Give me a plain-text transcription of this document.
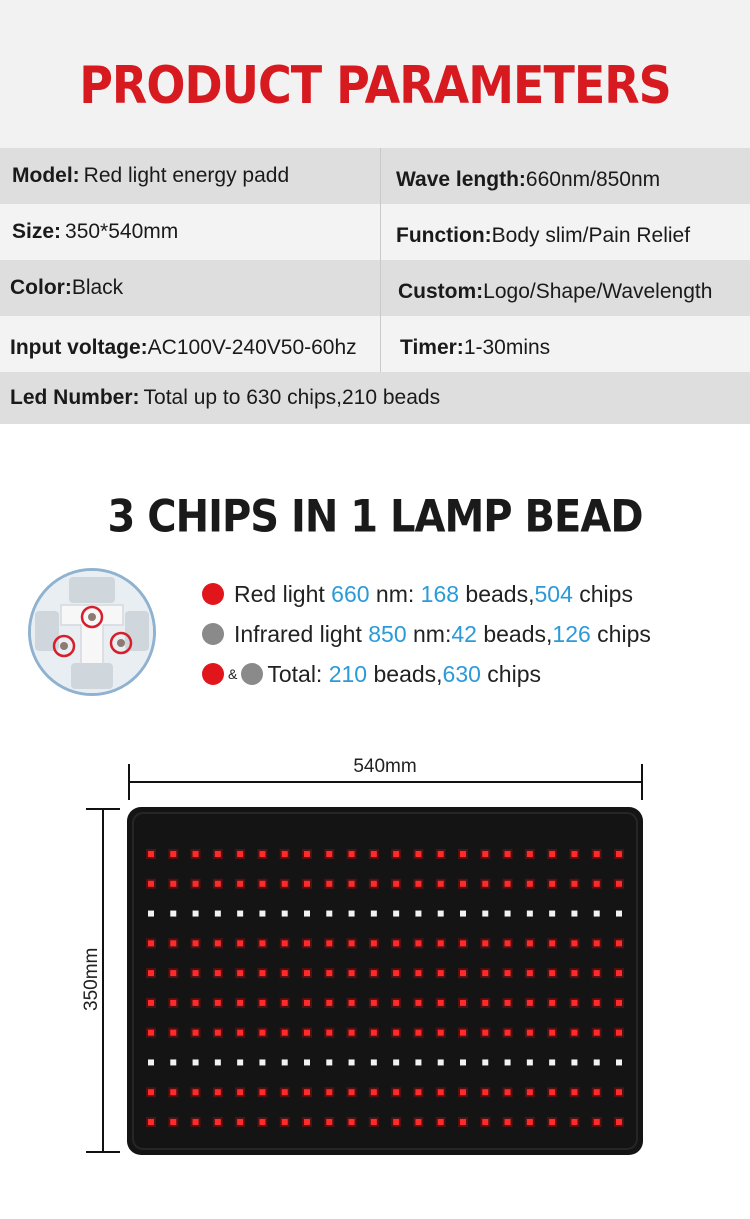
PRODUCT PARAMETERS
Model: Red light energy padd	Wave length: 660nm/850nm
Size: 350*540mm	Function: Body slim/Pain Relief
Color: Black	Custom: Logo/Shape/Wavelength
Input voltage: AC100V-240V50-60hz Timer: 1-30mins
Led Number: Total up to 630 chips,210 beads
3 CHIPS IN 1 LAMP BEAD
Red light 660 nm: 168 beads, 504 chips
Infrared light 850 nm: 42 beads, 126 chips
& Total: 210 beads, 630 chips
540mm
350mm
